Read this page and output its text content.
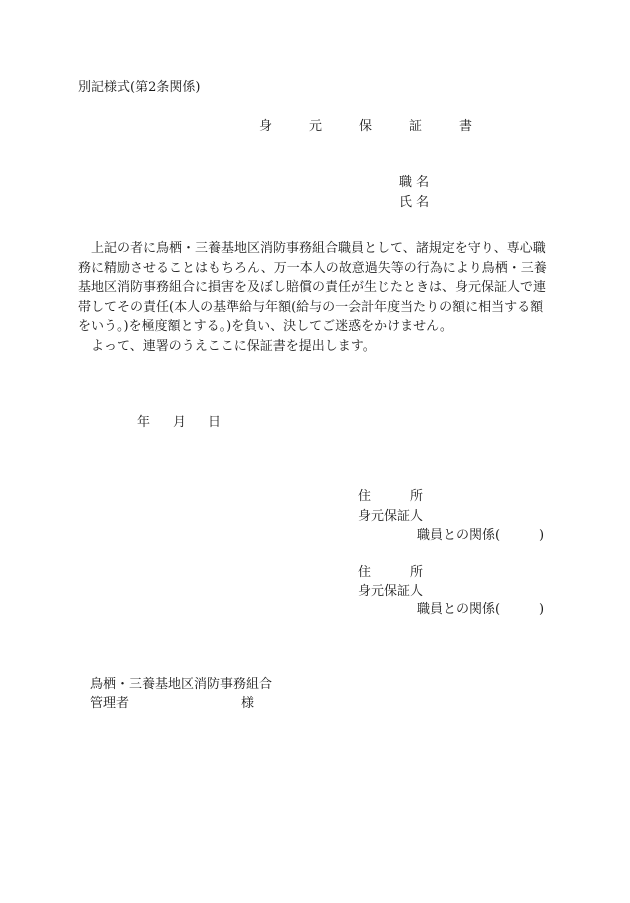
別記様式(第2条関係)
身　元　保　証　書
職 名
氏 名

上記の者に鳥栖・三養基地区消防事務組合職員として、諸規定を守り、専心職務に精励させることはもちろん、万一本人の故意過失等の行為により鳥栖・三養基地区消防事務組合に損害を及ぼし賠償の責任が生じたときは、身元保証人で連帯してその責任(本人の基準給与年額(給与の一会計年度当たりの額に相当する額をいう。)を極度額とする。)を負い、決してご迷惑をかけません。

よって、連署のうえここに保証書を提出します。

年 月 日
住　　　所
身元保証人
職員との関係(	)
住　　　所
身元保証人
職員との関係(	)
鳥栖・三養基地区消防事務組合
管理者	様
